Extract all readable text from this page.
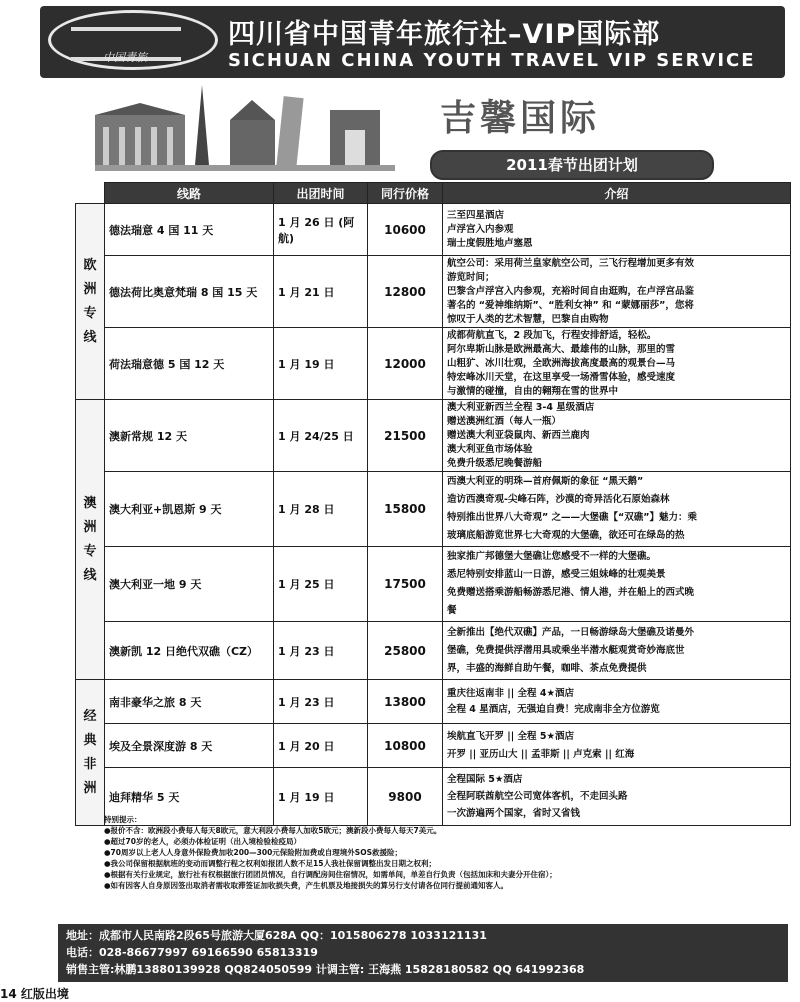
中国青旅
四川省中国青年旅行社–VIP国际部
SICHUAN CHINA YOUTH TRAVEL VIP SERVICE
吉馨国际
2011春节出团计划
	线路	出团时间	同行价格	介绍
欧洲专线	德法瑞意 4 国 11 天	1 月 26 日 (阿航)	10600	三至四星酒店
卢浮宫入内参观
瑞士度假胜地卢塞恩

	德法荷比奥意梵瑞 8 国 15 天	1 月 21 日	12800	航空公司：采用荷兰皇家航空公司，三飞行程增加更多有效
游览时间；
巴黎含卢浮宫入内参观，充裕时间自由逛购，在卢浮宫品鉴
著名的 “爱神维纳斯”、“胜利女神” 和 “蒙娜丽莎”，您将
惊叹于人类的艺术智慧，巴黎自由购物

	荷法瑞意德 5 国 12 天	1 月 19 日	12000	成都荷航直飞，2 段加飞，行程安排舒适，轻松。
阿尔卑斯山脉是欧洲最高大、最雄伟的山脉，那里的雪
山粗犷、冰川壮观，全欧洲海拔高度最高的观景台—马
特宏峰冰川天堂，在这里享受一场滑雪体验，感受速度
与激情的碰撞，自由的翱翔在雪的世界中

澳洲专线	澳新常规 12 天	1 月 24/25 日	21500	澳大利亚新西兰全程 3-4 星级酒店
赠送澳洲红酒（每人一瓶）
赠送澳大利亚袋鼠肉、新西兰鹿肉
澳大利亚鱼市场体验
免费升级悉尼晚餐游船

	澳大利亚+凯恩斯 9 天	1 月 28 日	15800	西澳大利亚的明珠—首府佩斯的象征 “黑天鹅”
造访西澳奇观-尖峰石阵，沙漠的奇异活化石原始森林
特别推出世界八大奇观” 之——大堡礁【“双礁”】魅力：乘
玻璃底船游览世界七大奇观的大堡礁，欲还可在绿岛的热

	澳大利亚一地 9 天	1 月 25 日	17500	独家推广邦德堡大堡礁让您感受不一样的大堡礁。
悉尼特别安排蓝山一日游，感受三姐妹峰的壮观美景
免费赠送搭乘游船畅游悉尼港、情人港，并在船上的西式晚
餐

	澳新凯 12 日绝代双礁（CZ）	1 月 23 日	25800	全新推出【绝代双礁】产品，一日畅游绿岛大堡礁及诺曼外
堡礁，免费提供浮潜用具或乘坐半潜水艇观赏奇妙海底世
界，丰盛的海鲜自助午餐，咖啡、茶点免费提供

经典非洲	南非豪华之旅 8 天	1 月 23 日	13800	重庆往返南非 || 全程 4★酒店
全程 4 星酒店，无强迫自费！完成南非全方位游览

	埃及全景深度游 8 天	1 月 20 日	10800	埃航直飞开罗 || 全程 5★酒店
开罗 || 亚历山大 || 孟菲斯 || 卢克索 || 红海

	迪拜精华 5 天	1 月 19 日	9800	全程国际 5★酒店
全程阿联酋航空公司宽体客机，不走回头路
一次游遍两个国家，省时又省钱
特别提示：
●报价不含：欧洲段小费每人每天8欧元，意大利段小费每人加收5欧元；澳新段小费每人每天7美元。
●超过70岁的老人，必须办体检证明（出入境检验检疫局）
●70周岁以上老人人身意外保险费加收200—300元保险附加费或自理境外SOS救援险；
●我公司保留根据航班的变动而调整行程之权利如报团人数不足15人我社保留调整出发日期之权利；
●根据有关行业规定，旅行社有权根据旅行团团员情况，自行调配房间住宿情况，如需单间，单差自行负责（包括加床和夫妻分开住宿）；
●如有因客人自身原因签出取消者需收取滞签证加收损失费，产生机票及地接损失的算另行支付请各位同行提前通知客人。
地址：成都市人民南路2段65号旅游大厦628A QQ：1015806278 1033121131
电话：028-86677997 69166590 65813319
销售主管:林鹏13880139928 QQ824050599 计调主管: 王海燕 15828180582 QQ 641992368
14 红版出境
